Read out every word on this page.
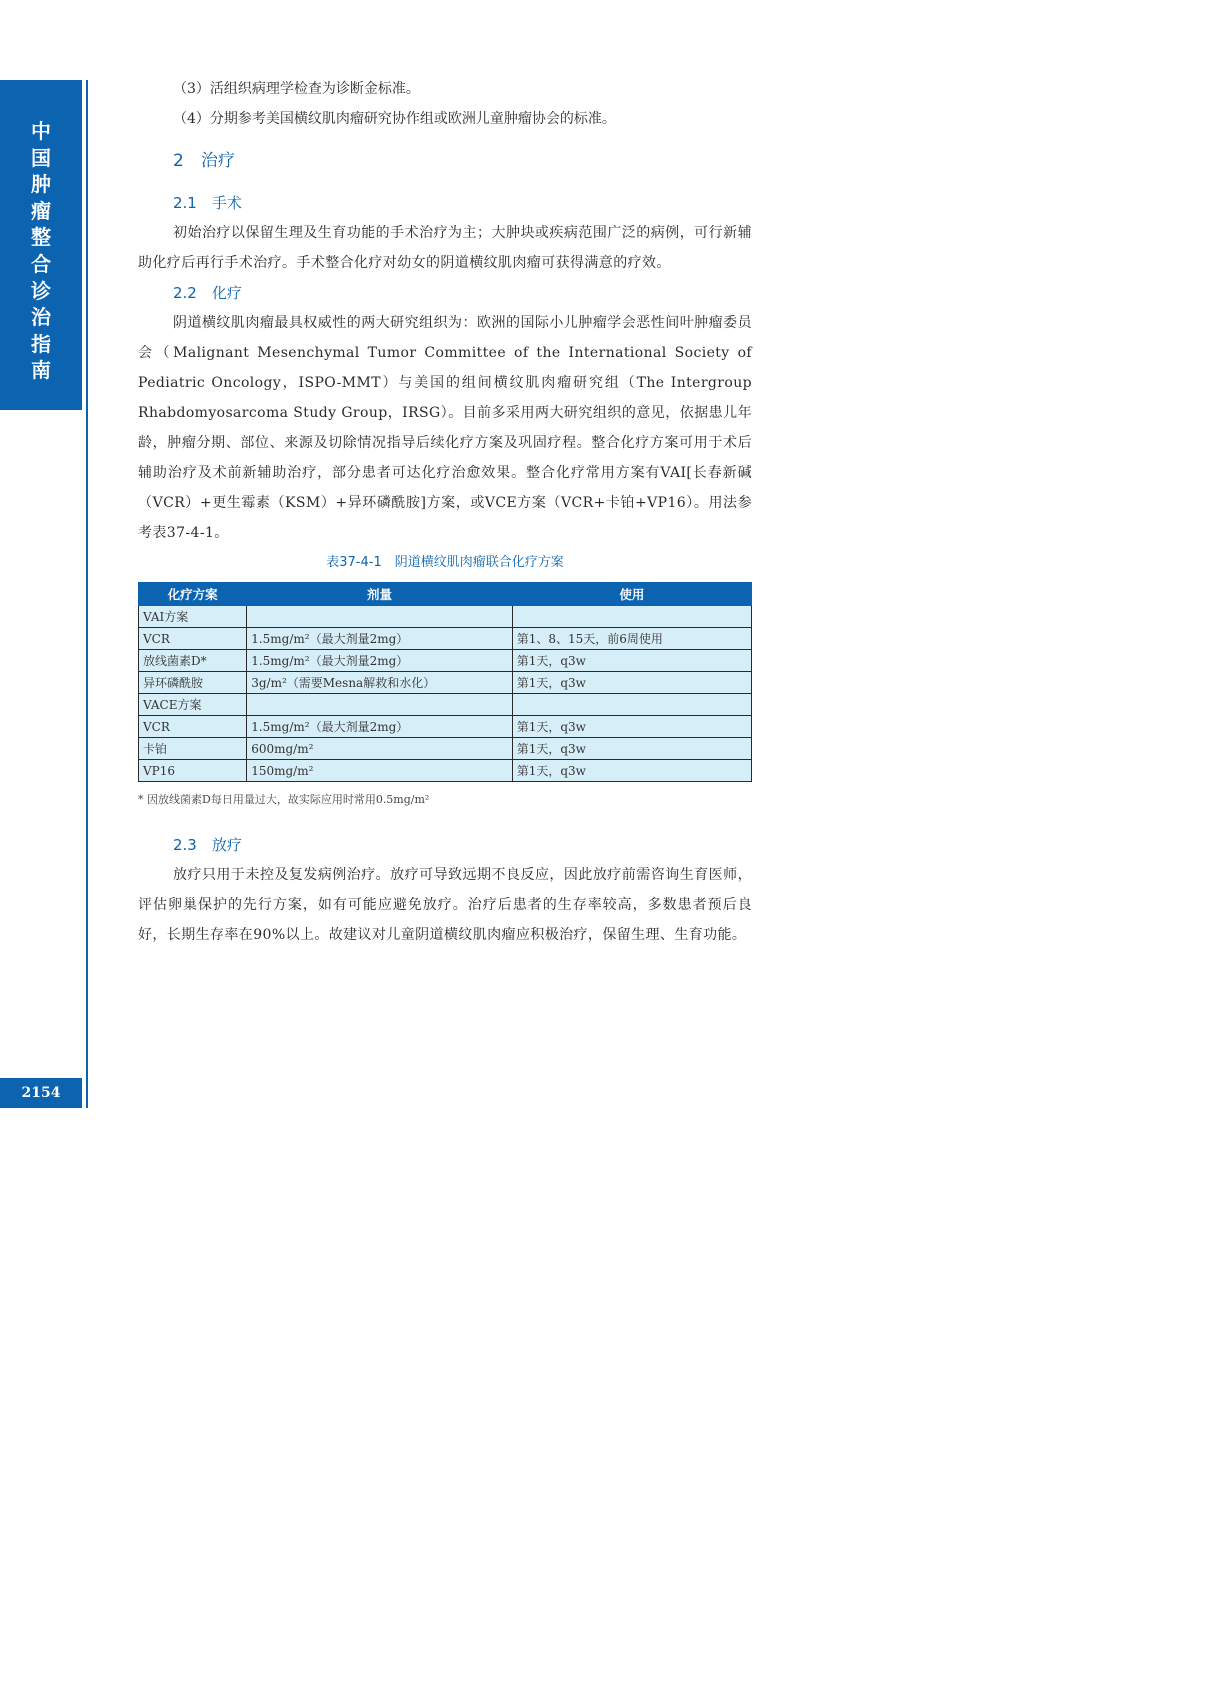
中国肿瘤整合诊治指南
2154

（3）活组织病理学检查为诊断金标准。

（4）分期参考美国横纹肌肉瘤研究协作组或欧洲儿童肿瘤协会的标准。

2　治疗
2.1　手术

初始治疗以保留生理及生育功能的手术治疗为主；大肿块或疾病范围广泛的病例，可行新辅助化疗后再行手术治疗。手术整合化疗对幼女的阴道横纹肌肉瘤可获得满意的疗效。

2.2　化疗

阴道横纹肌肉瘤最具权威性的两大研究组织为：欧洲的国际小儿肿瘤学会恶性间叶肿瘤委员会（Malignant Mesenchymal Tumor Committee of the International Society of Pediatric Oncology，ISPO-MMT）与美国的组间横纹肌肉瘤研究组（The Intergroup Rhabdomyosarcoma Study Group，IRSG）。目前多采用两大研究组织的意见，依据患儿年龄，肿瘤分期、部位、来源及切除情况指导后续化疗方案及巩固疗程。整合化疗方案可用于术后辅助治疗及术前新辅助治疗，部分患者可达化疗治愈效果。整合化疗常用方案有VAI[长春新碱（VCR）+更生霉素（KSM）+异环磷酰胺]方案，或VCE方案（VCR+卡铂+VP16）。用法参考表37-4-1。

表37-4-1　阴道横纹肌肉瘤联合化疗方案
化疗方案	剂量	使用
VAI方案		
VCR	1.5mg/m²（最大剂量2mg）	第1、8、15天，前6周使用
放线菌素D*	1.5mg/m²（最大剂量2mg）	第1天，q3w
异环磷酰胺	3g/m²（需要Mesna解救和水化）	第1天，q3w
VACE方案		
VCR	1.5mg/m²（最大剂量2mg）	第1天，q3w
卡铂	600mg/m²	第1天，q3w
VP16	150mg/m²	第1天，q3w

* 因放线菌素D每日用量过大，故实际应用时常用0.5mg/m²

2.3　放疗

放疗只用于未控及复发病例治疗。放疗可导致远期不良反应，因此放疗前需咨询生育医师，评估卵巢保护的先行方案，如有可能应避免放疗。治疗后患者的生存率较高，多数患者预后良好，长期生存率在90%以上。故建议对儿童阴道横纹肌肉瘤应积极治疗，保留生理、生育功能。
